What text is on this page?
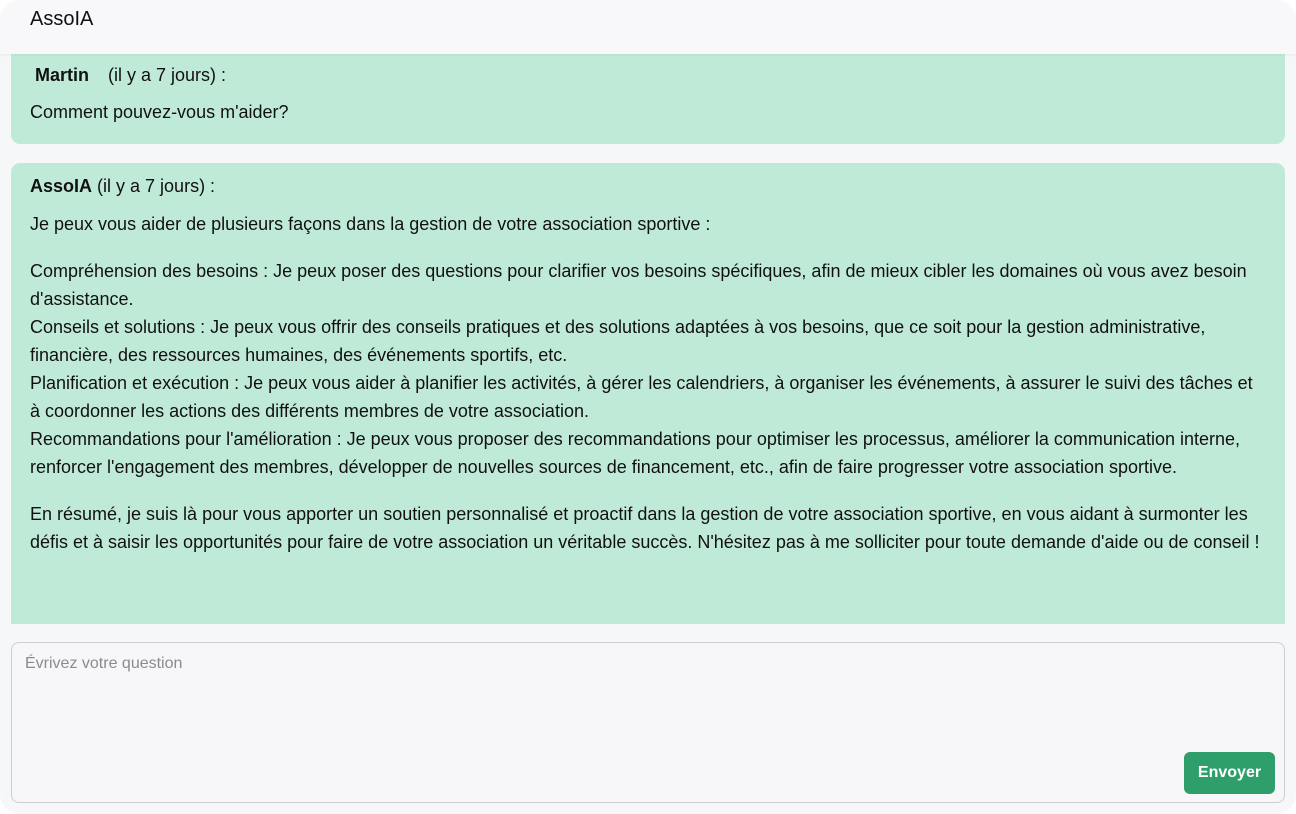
AssoIA
Martin (il y a 7 jours) :
Comment pouvez-vous m'aider?
AssoIA (il y a 7 jours) :

Je peux vous aider de plusieurs façons dans la gestion de votre association sportive :

Compréhension des besoins : Je peux poser des questions pour clarifier vos besoins spécifiques, afin de mieux cibler les domaines où vous avez besoin d'assistance.

Conseils et solutions : Je peux vous offrir des conseils pratiques et des solutions adaptées à vos besoins, que ce soit pour la gestion administrative, financière, des ressources humaines, des événements sportifs, etc.

Planification et exécution : Je peux vous aider à planifier les activités, à gérer les calendriers, à organiser les événements, à assurer le suivi des tâches et à coordonner les actions des différents membres de votre association.

Recommandations pour l'amélioration : Je peux vous proposer des recommandations pour optimiser les processus, améliorer la communication interne, renforcer l'engagement des membres, développer de nouvelles sources de financement, etc., afin de faire progresser votre association sportive.

En résumé, je suis là pour vous apporter un soutien personnalisé et proactif dans la gestion de votre association sportive, en vous aidant à surmonter les défis et à saisir les opportunités pour faire de votre association un véritable succès. N'hésitez pas à me solliciter pour toute demande d'aide ou de conseil !

Évrivez votre question
Envoyer
